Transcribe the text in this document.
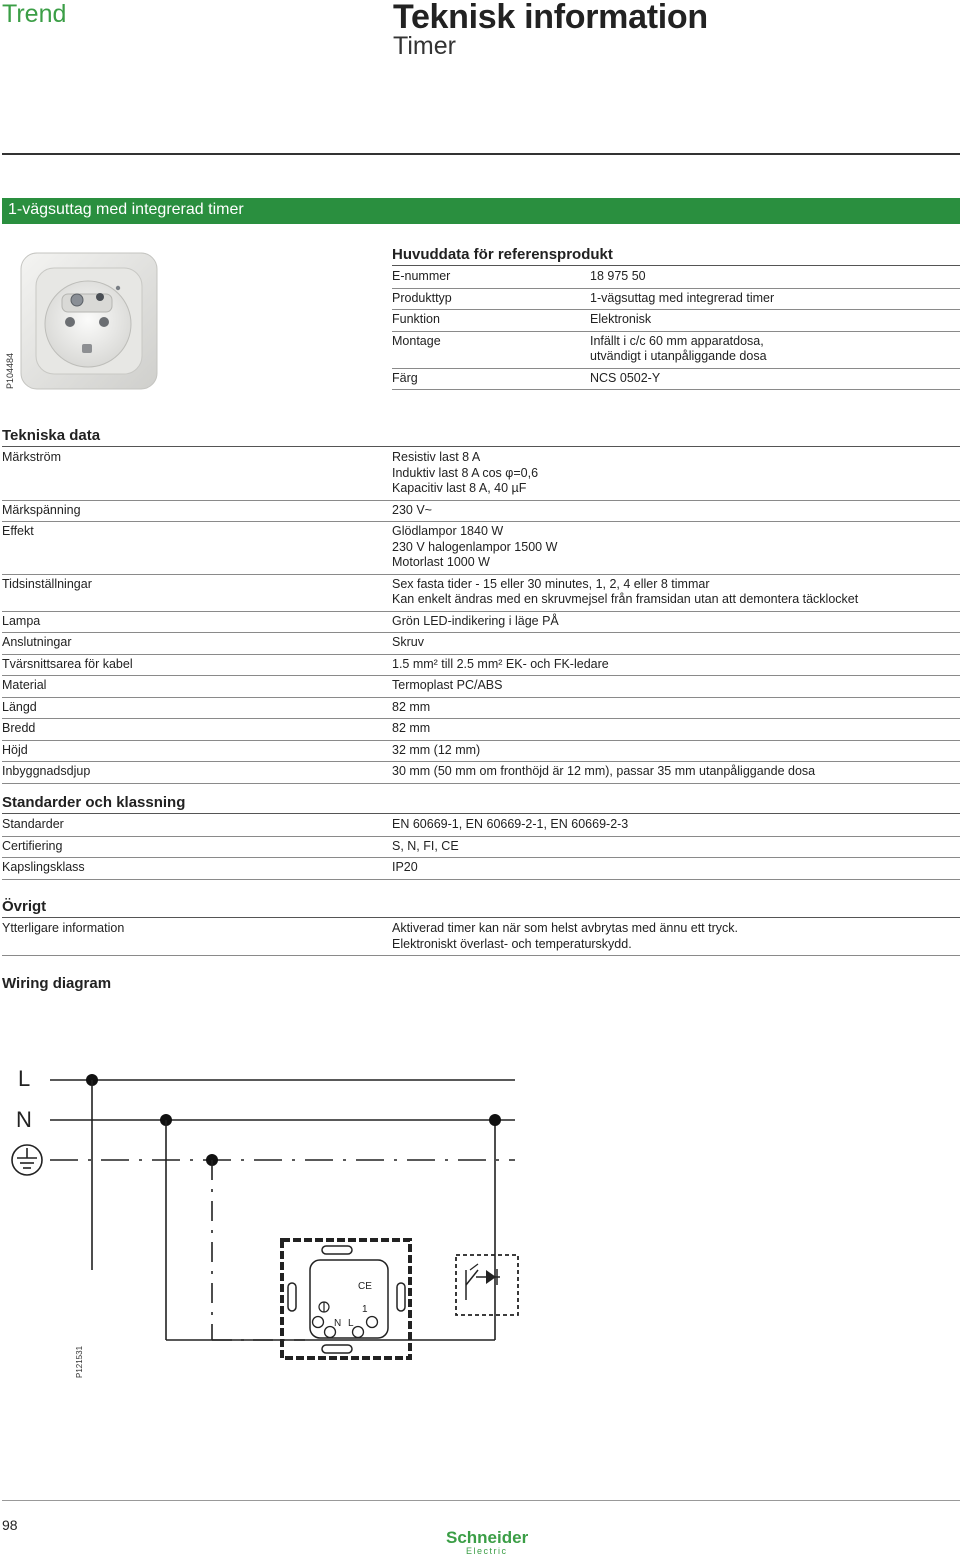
Trend	Teknisk information
Timer
1-vägsuttag med integrerad timer
P104484
Huvuddata för referensprodukt
E-nummer	18 975 50
Produkttyp	1-vägsuttag med integrerad timer
Funktion	Elektronisk
Montage	Infällt i c/c 60 mm apparatdosa,
utvändigt i utanpåliggande dosa
Färg	NCS 0502-Y
Tekniska data
Märkström	Resistiv last 8 A
Induktiv last 8 A cos φ=0,6
Kapacitiv last 8 A, 40 µF
Märkspänning	230 V~
Effekt	Glödlampor 1840 W
230 V halogenlampor 1500 W
Motorlast 1000 W
Tidsinställningar	Sex fasta tider - 15 eller 30 minutes, 1, 2, 4 eller 8 timmar
Kan enkelt ändras med en skruvmejsel från framsidan utan att demontera täcklocket
Lampa	Grön LED-indikering i läge PÅ
Anslutningar	Skruv
Tvärsnittsarea för kabel	1.5 mm² till 2.5 mm² EK- och FK-ledare
Material	Termoplast PC/ABS
Längd	82 mm
Bredd	82 mm
Höjd	32 mm (12 mm)
Inbyggnadsdjup	30 mm (50 mm om fronthöjd är 12 mm), passar 35 mm utanpåliggande dosa
Standarder och klassning
Standarder	EN 60669-1, EN 60669-2-1, EN 60669-2-3
Certifiering	S, N, FI, CE
Kapslingsklass	IP20
Övrigt
Ytterligare information	Aktiverad timer kan när som helst avbrytas med ännu ett tryck.
Elektroniskt överlast- och temperaturskydd.
Wiring diagram
L
N
CE
N L
1
P121531
98
Schneider
Electric
